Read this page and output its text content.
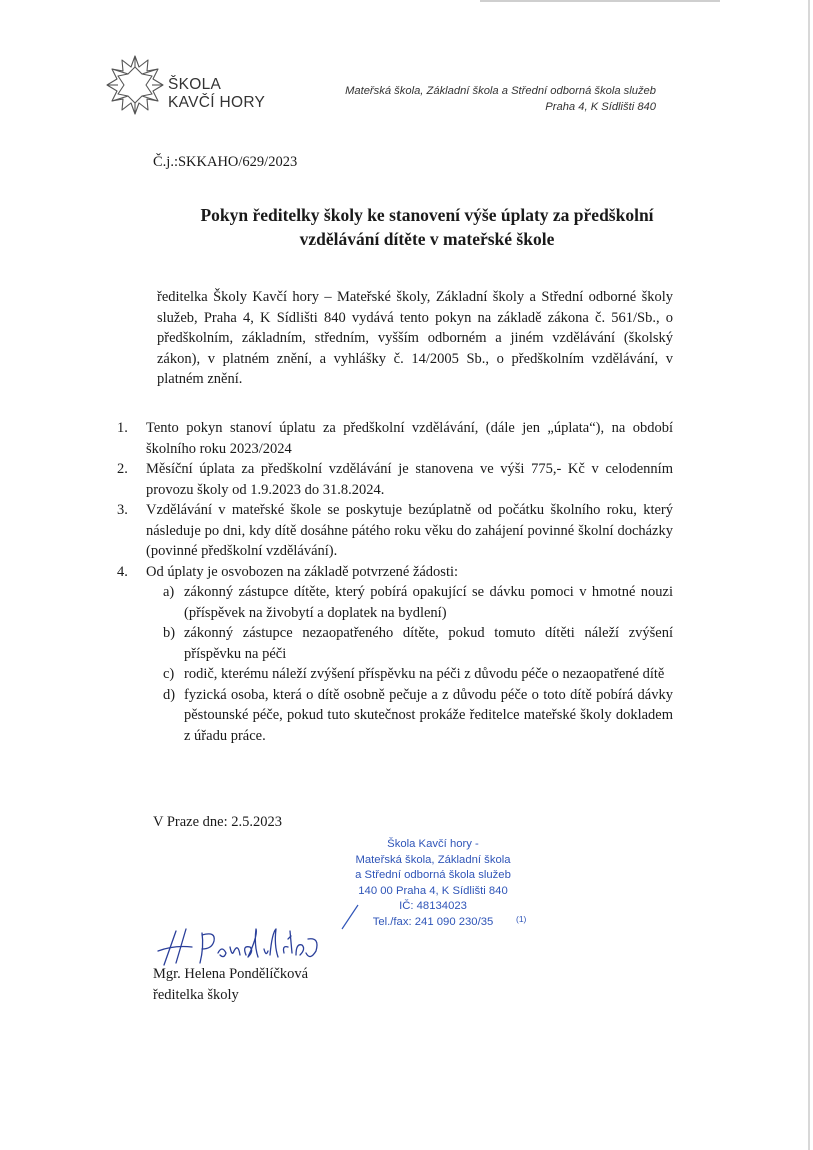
ŠKOLA
KAVČÍ HORY
Mateřská škola, Základní škola a Střední odborná škola služeb
Praha 4, K Sídlišti 840
Č.j.:SKKAHO/629/2023
Pokyn ředitelky školy ke stanovení výše úplaty za předškolní
vzdělávání dítěte v mateřské škole
ředitelka Školy Kavčí hory – Mateřské školy, Základní školy a Střední odborné školy služeb, Praha 4, K Sídlišti 840 vydává tento pokyn na základě zákona č. 561/Sb., o předškolním, základním, středním, vyšším odborném a jiném vzdělávání (školský zákon), v platném znění, a vyhlášky č. 14/2005 Sb., o předškolním vzdělávání, v platném znění.
1.	Tento pokyn stanoví úplatu za předškolní vzdělávání, (dále jen „úplata“), na období školního roku 2023/2024
2.	Měsíční úplata za předškolní vzdělávání je stanovena ve výši 775,- Kč v celodenním provozu školy od 1.9.2023 do 31.8.2024.
3.	Vzdělávání v mateřské škole se poskytuje bezúplatně od počátku školního roku, který následuje po dni, kdy dítě dosáhne pátého roku věku do zahájení povinné školní docházky (povinné předškolní vzdělávání).
4.	Od úplaty je osvobozen na základě potvrzené žádosti:
a) zákonný zástupce dítěte, který pobírá opakující se dávku pomoci v hmotné nouzi (příspěvek na živobytí a doplatek na bydlení)
b) zákonný zástupce nezaopatřeného dítěte, pokud tomuto dítěti náleží zvýšení příspěvku na péči
c) rodič, kterému náleží zvýšení příspěvku na péči z důvodu péče o nezaopatřené dítě
d) fyzická osoba, která o dítě osobně pečuje a z důvodu péče o toto dítě pobírá dávky pěstounské péče, pokud tuto skutečnost prokáže ředitelce mateřské školy dokladem z úřadu práce.
V Praze dne: 2.5.2023
Škola Kavčí hory -
Mateřská škola, Základní škola
a Střední odborná škola služeb
140 00 Praha 4, K Sídlišti 840
IČ: 48134023
Tel./fax: 241 090 230/35	(1)
Mgr. Helena Pondělíčková
ředitelka školy
